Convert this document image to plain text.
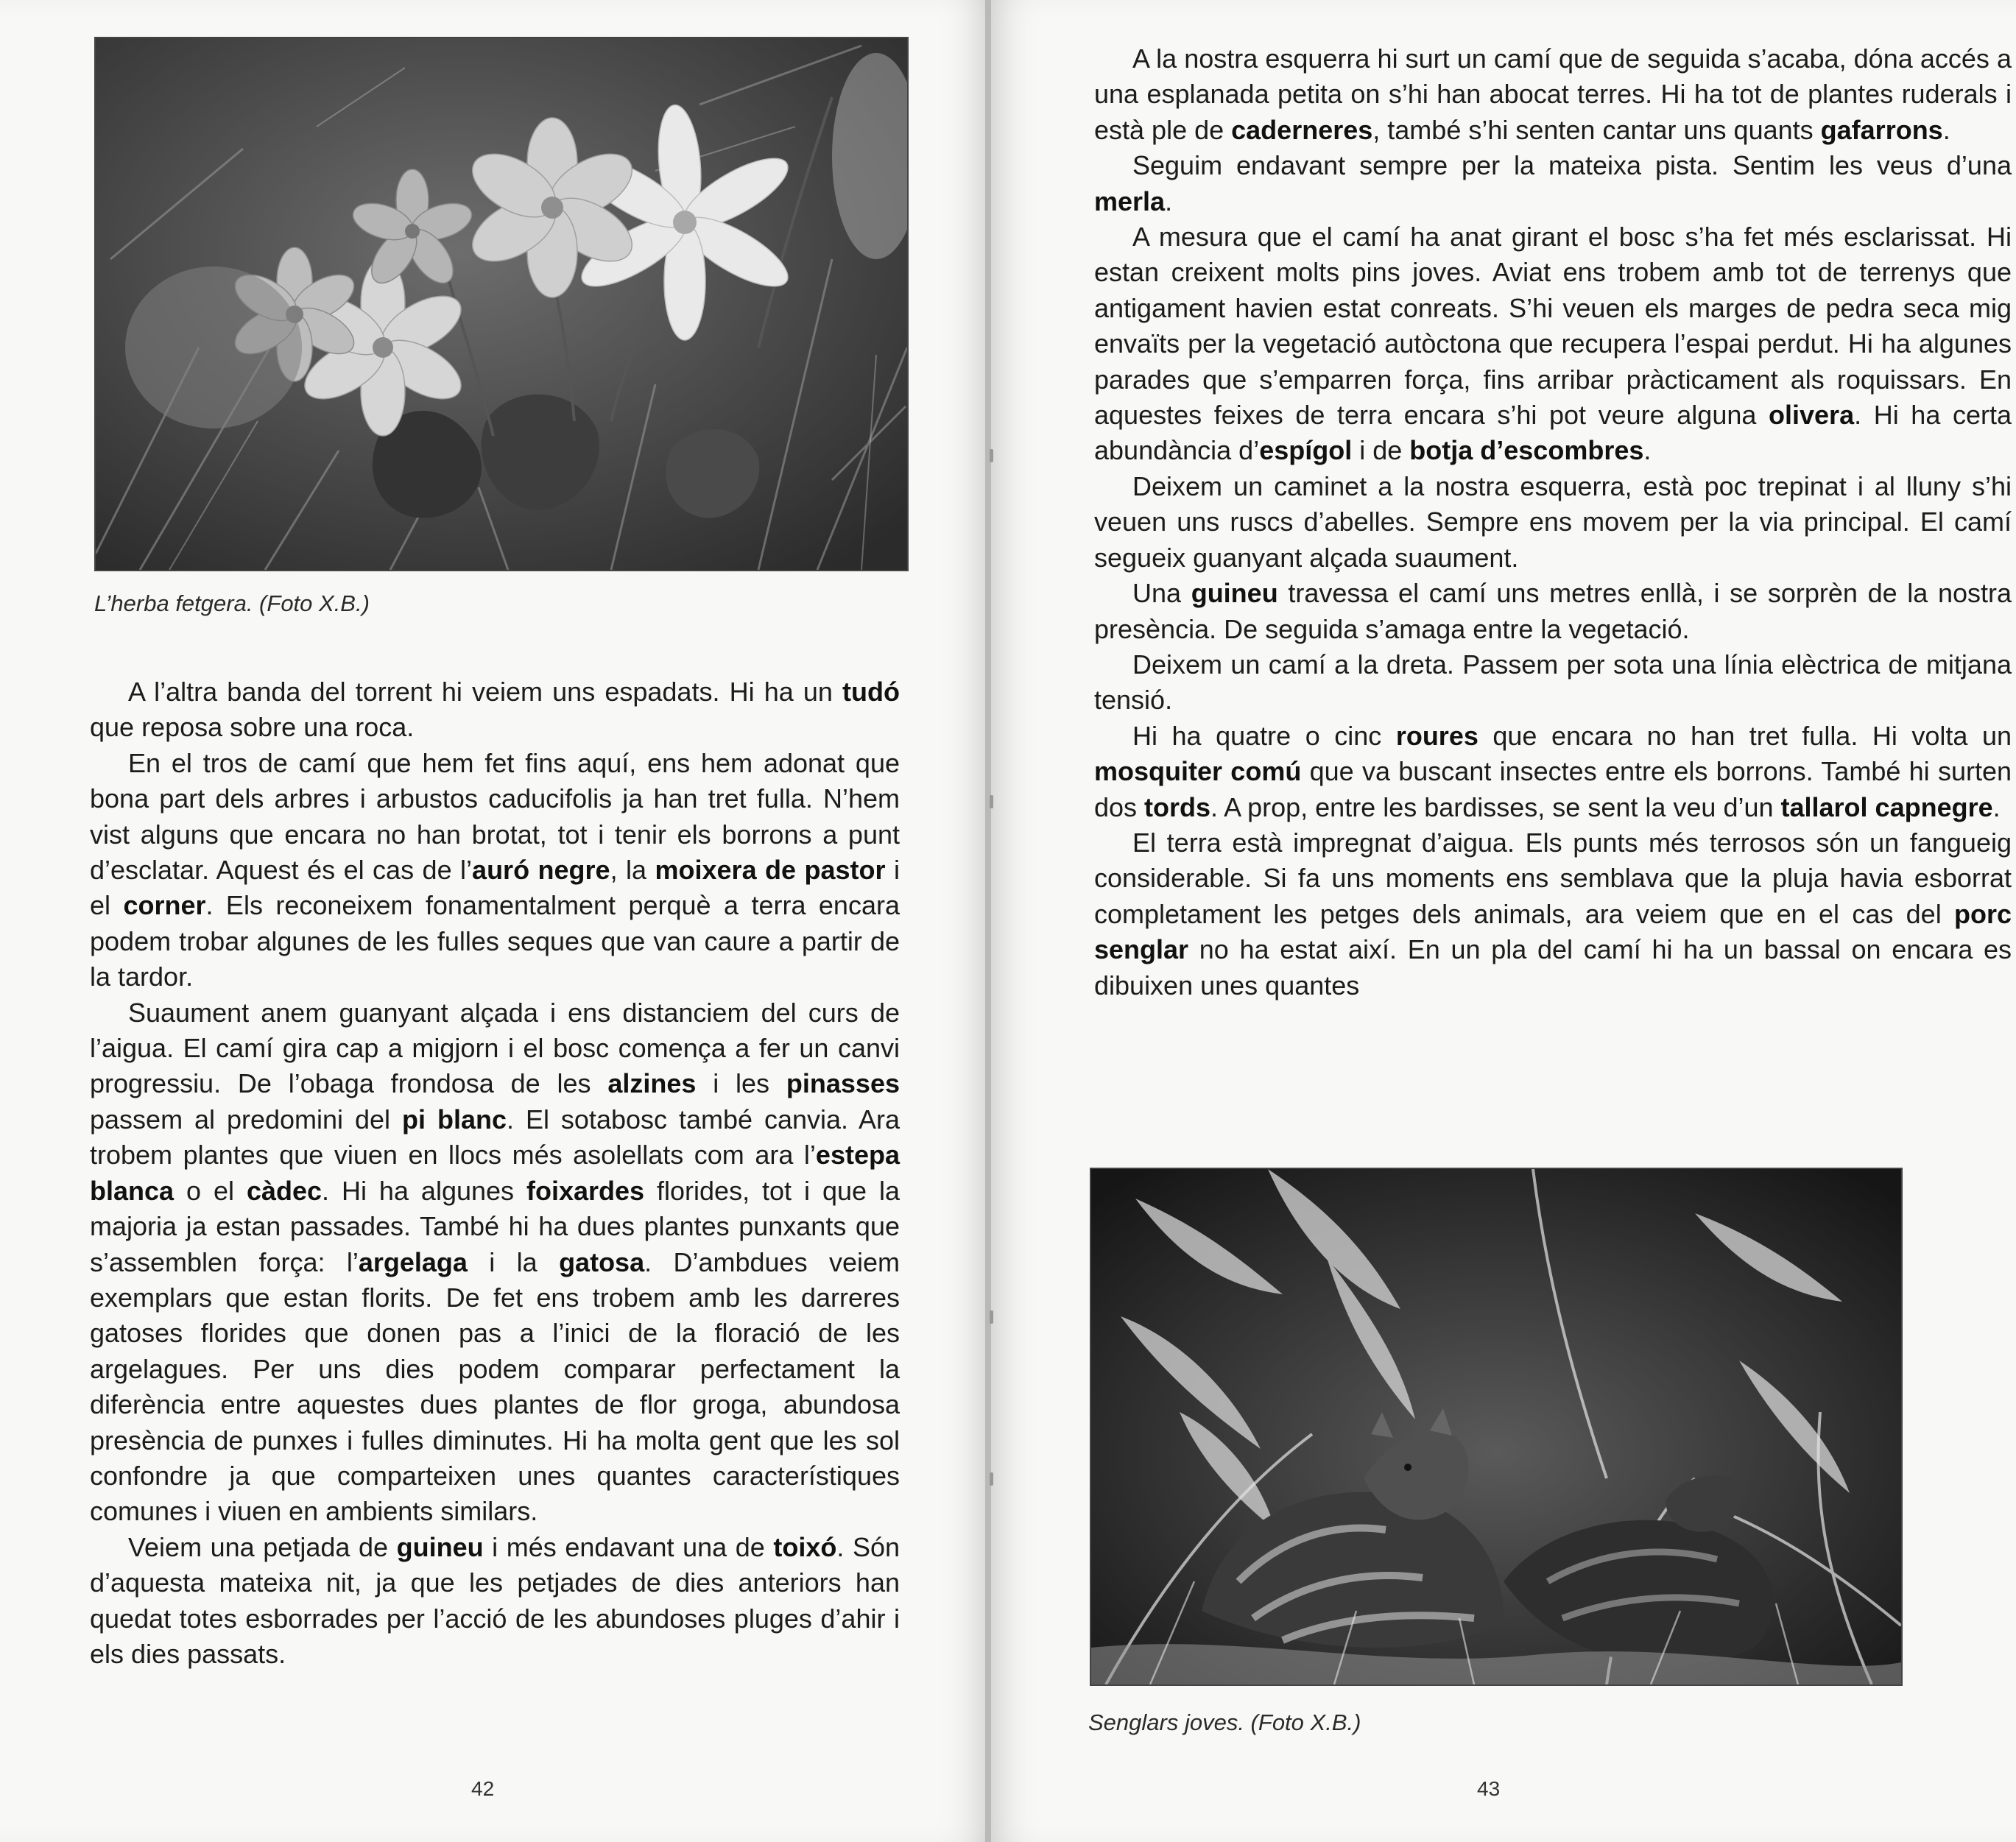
L’herba fetgera. (Foto X.B.)

A l’altra banda del torrent hi veiem uns espadats. Hi ha un tudó que reposa sobre una roca.

En el tros de camí que hem fet fins aquí, ens hem adonat que bona part dels arbres i arbustos caducifolis ja han tret fulla. N’hem vist alguns que encara no han brotat, tot i tenir els borrons a punt d’esclatar. Aquest és el cas de l’auró negre, la moixera de pastor i el corner. Els reconeixem fonamentalment perquè a terra encara podem trobar algunes de les fulles seques que van caure a partir de la tardor.

Suaument anem guanyant alçada i ens distanciem del curs de l’aigua. El camí gira cap a migjorn i el bosc comença a fer un canvi progressiu. De l’obaga frondosa de les alzines i les pinasses passem al predomini del pi blanc. El sotabosc també canvia. Ara trobem plantes que viuen en llocs més asolellats com ara l’estepa blanca o el càdec. Hi ha algunes foixardes florides, tot i que la majoria ja estan passades. També hi ha dues plantes punxants que s’assemblen força: l’argelaga i la gatosa. D’ambdues veiem exemplars que estan florits. De fet ens trobem amb les darreres gatoses florides que donen pas a l’inici de la floració de les argelagues. Per uns dies podem comparar perfectament la diferència entre aquestes dues plantes de flor groga, abundosa presència de punxes i fulles diminutes. Hi ha molta gent que les sol confondre ja que comparteixen unes quantes característiques comunes i viuen en ambients similars.

Veiem una petjada de guineu i més endavant una de toixó. Són d’aquesta mateixa nit, ja que les petjades de dies anteriors han quedat totes esborrades per l’acció de les abundoses pluges d’ahir i els dies passats.

42

A la nostra esquerra hi surt un camí que de seguida s’acaba, dóna accés a una esplanada petita on s’hi han abocat terres. Hi ha tot de plantes ruderals i està ple de caderneres, també s’hi senten cantar uns quants gafarrons.

Seguim endavant sempre per la mateixa pista. Sentim les veus d’una merla.

A mesura que el camí ha anat girant el bosc s’ha fet més esclarissat. Hi estan creixent molts pins joves. Aviat ens trobem amb tot de terrenys que antigament havien estat conreats. S’hi veuen els marges de pedra seca mig envaïts per la vegetació autòctona que recupera l’espai perdut. Hi ha algunes parades que s’emparren força, fins arribar pràcticament als roquissars. En aquestes feixes de terra encara s’hi pot veure alguna olivera. Hi ha certa abundància d’espígol i de botja d’escombres.

Deixem un caminet a la nostra esquerra, està poc trepinat i al lluny s’hi veuen uns ruscs d’abelles. Sempre ens movem per la via principal. El camí segueix guanyant alçada suaument.

Una guineu travessa el camí uns metres enllà, i se sorprèn de la nostra presència. De seguida s’amaga entre la vegetació.

Deixem un camí a la dreta. Passem per sota una línia elèctrica de mitjana tensió.

Hi ha quatre o cinc roures que encara no han tret fulla. Hi volta un mosquiter comú que va buscant insectes entre els borrons. També hi surten dos tords. A prop, entre les bardisses, se sent la veu d’un tallarol capnegre.

El terra està impregnat d’aigua. Els punts més terrosos són un fangueig considerable. Si fa uns moments ens semblava que la pluja havia esborrat completament les petges dels animals, ara veiem que en el cas del porc senglar no ha estat així. En un pla del camí hi ha un bassal on encara es dibuixen unes quantes

Senglars joves. (Foto X.B.)
43
